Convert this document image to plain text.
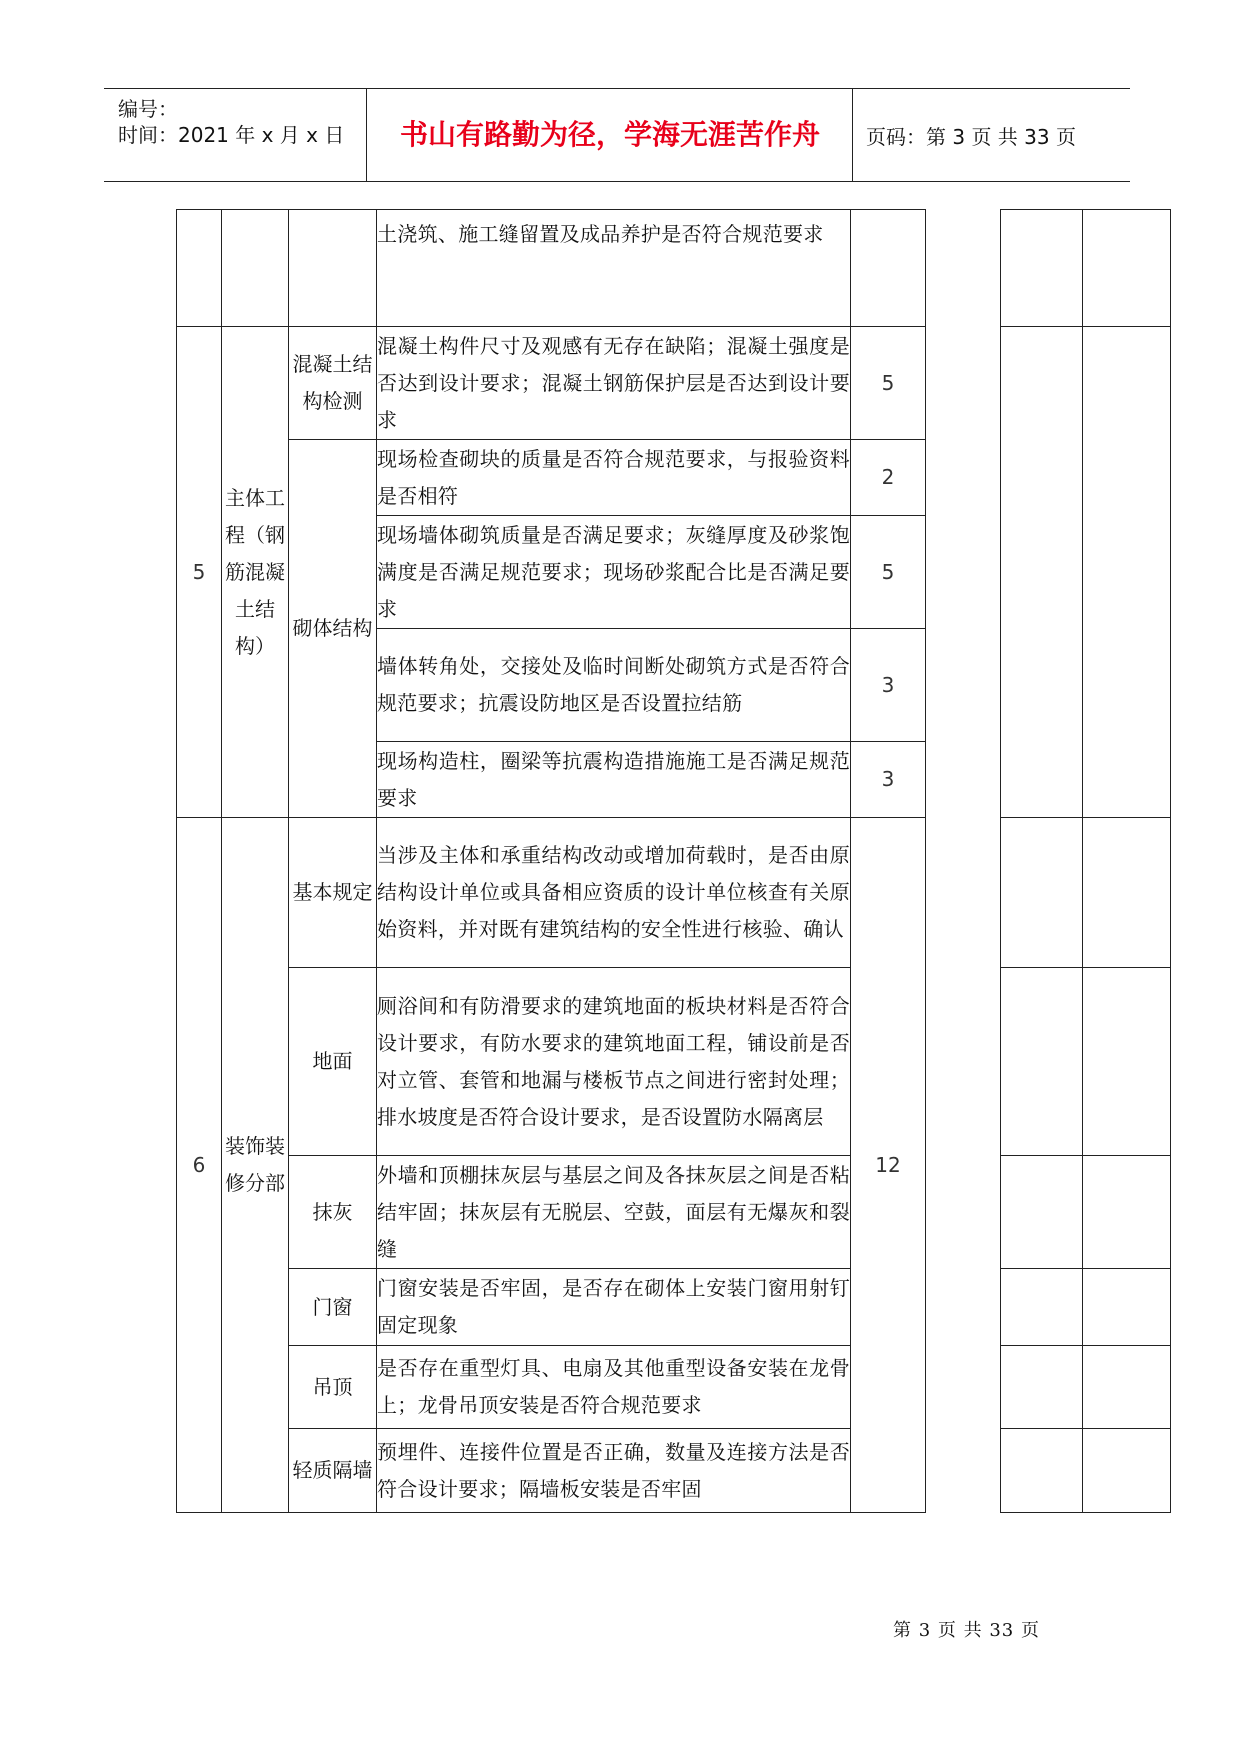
编号：
时间：2021 年 x 月 x 日	书山有路勤为径，学海无涯苦作舟	页码：第 3 页 共 33 页
			土浇筑、施工缝留置及成品养护是否符合规范要求				
5	主体工程（钢筋混凝土结构）	混凝土结构检测	混凝土构件尺寸及观感有无存在缺陷；混凝土强度是否达到设计要求；混凝土钢筋保护层是否达到设计要求	5			
		砌体结构	现场检查砌块的质量是否符合规范要求，与报验资料是否相符	2			
			现场墙体砌筑质量是否满足要求；灰缝厚度及砂浆饱满度是否满足规范要求；现场砂浆配合比是否满足要求	5			
			墙体转角处，交接处及临时间断处砌筑方式是否符合规范要求；抗震设防地区是否设置拉结筋	3			
			现场构造柱，圈梁等抗震构造措施施工是否满足规范要求	3			
6	装饰装修分部	基本规定	当涉及主体和承重结构改动或增加荷载时，是否由原结构设计单位或具备相应资质的设计单位核查有关原始资料，并对既有建筑结构的安全性进行核验、确认	12			
		地面	厕浴间和有防滑要求的建筑地面的板块材料是否符合设计要求，有防水要求的建筑地面工程，铺设前是否对立管、套管和地漏与楼板节点之间进行密封处理；排水坡度是否符合设计要求，是否设置防水隔离层				
		抹灰	外墙和顶棚抹灰层与基层之间及各抹灰层之间是否粘结牢固；抹灰层有无脱层、空鼓，面层有无爆灰和裂缝				
		门窗	门窗安装是否牢固，是否存在砌体上安装门窗用射钉固定现象				
		吊顶	是否存在重型灯具、电扇及其他重型设备安装在龙骨上；龙骨吊顶安装是否符合规范要求				
		轻质隔墙	预埋件、连接件位置是否正确，数量及连接方法是否符合设计要求；隔墙板安装是否牢固				
第 3 页 共 33 页
